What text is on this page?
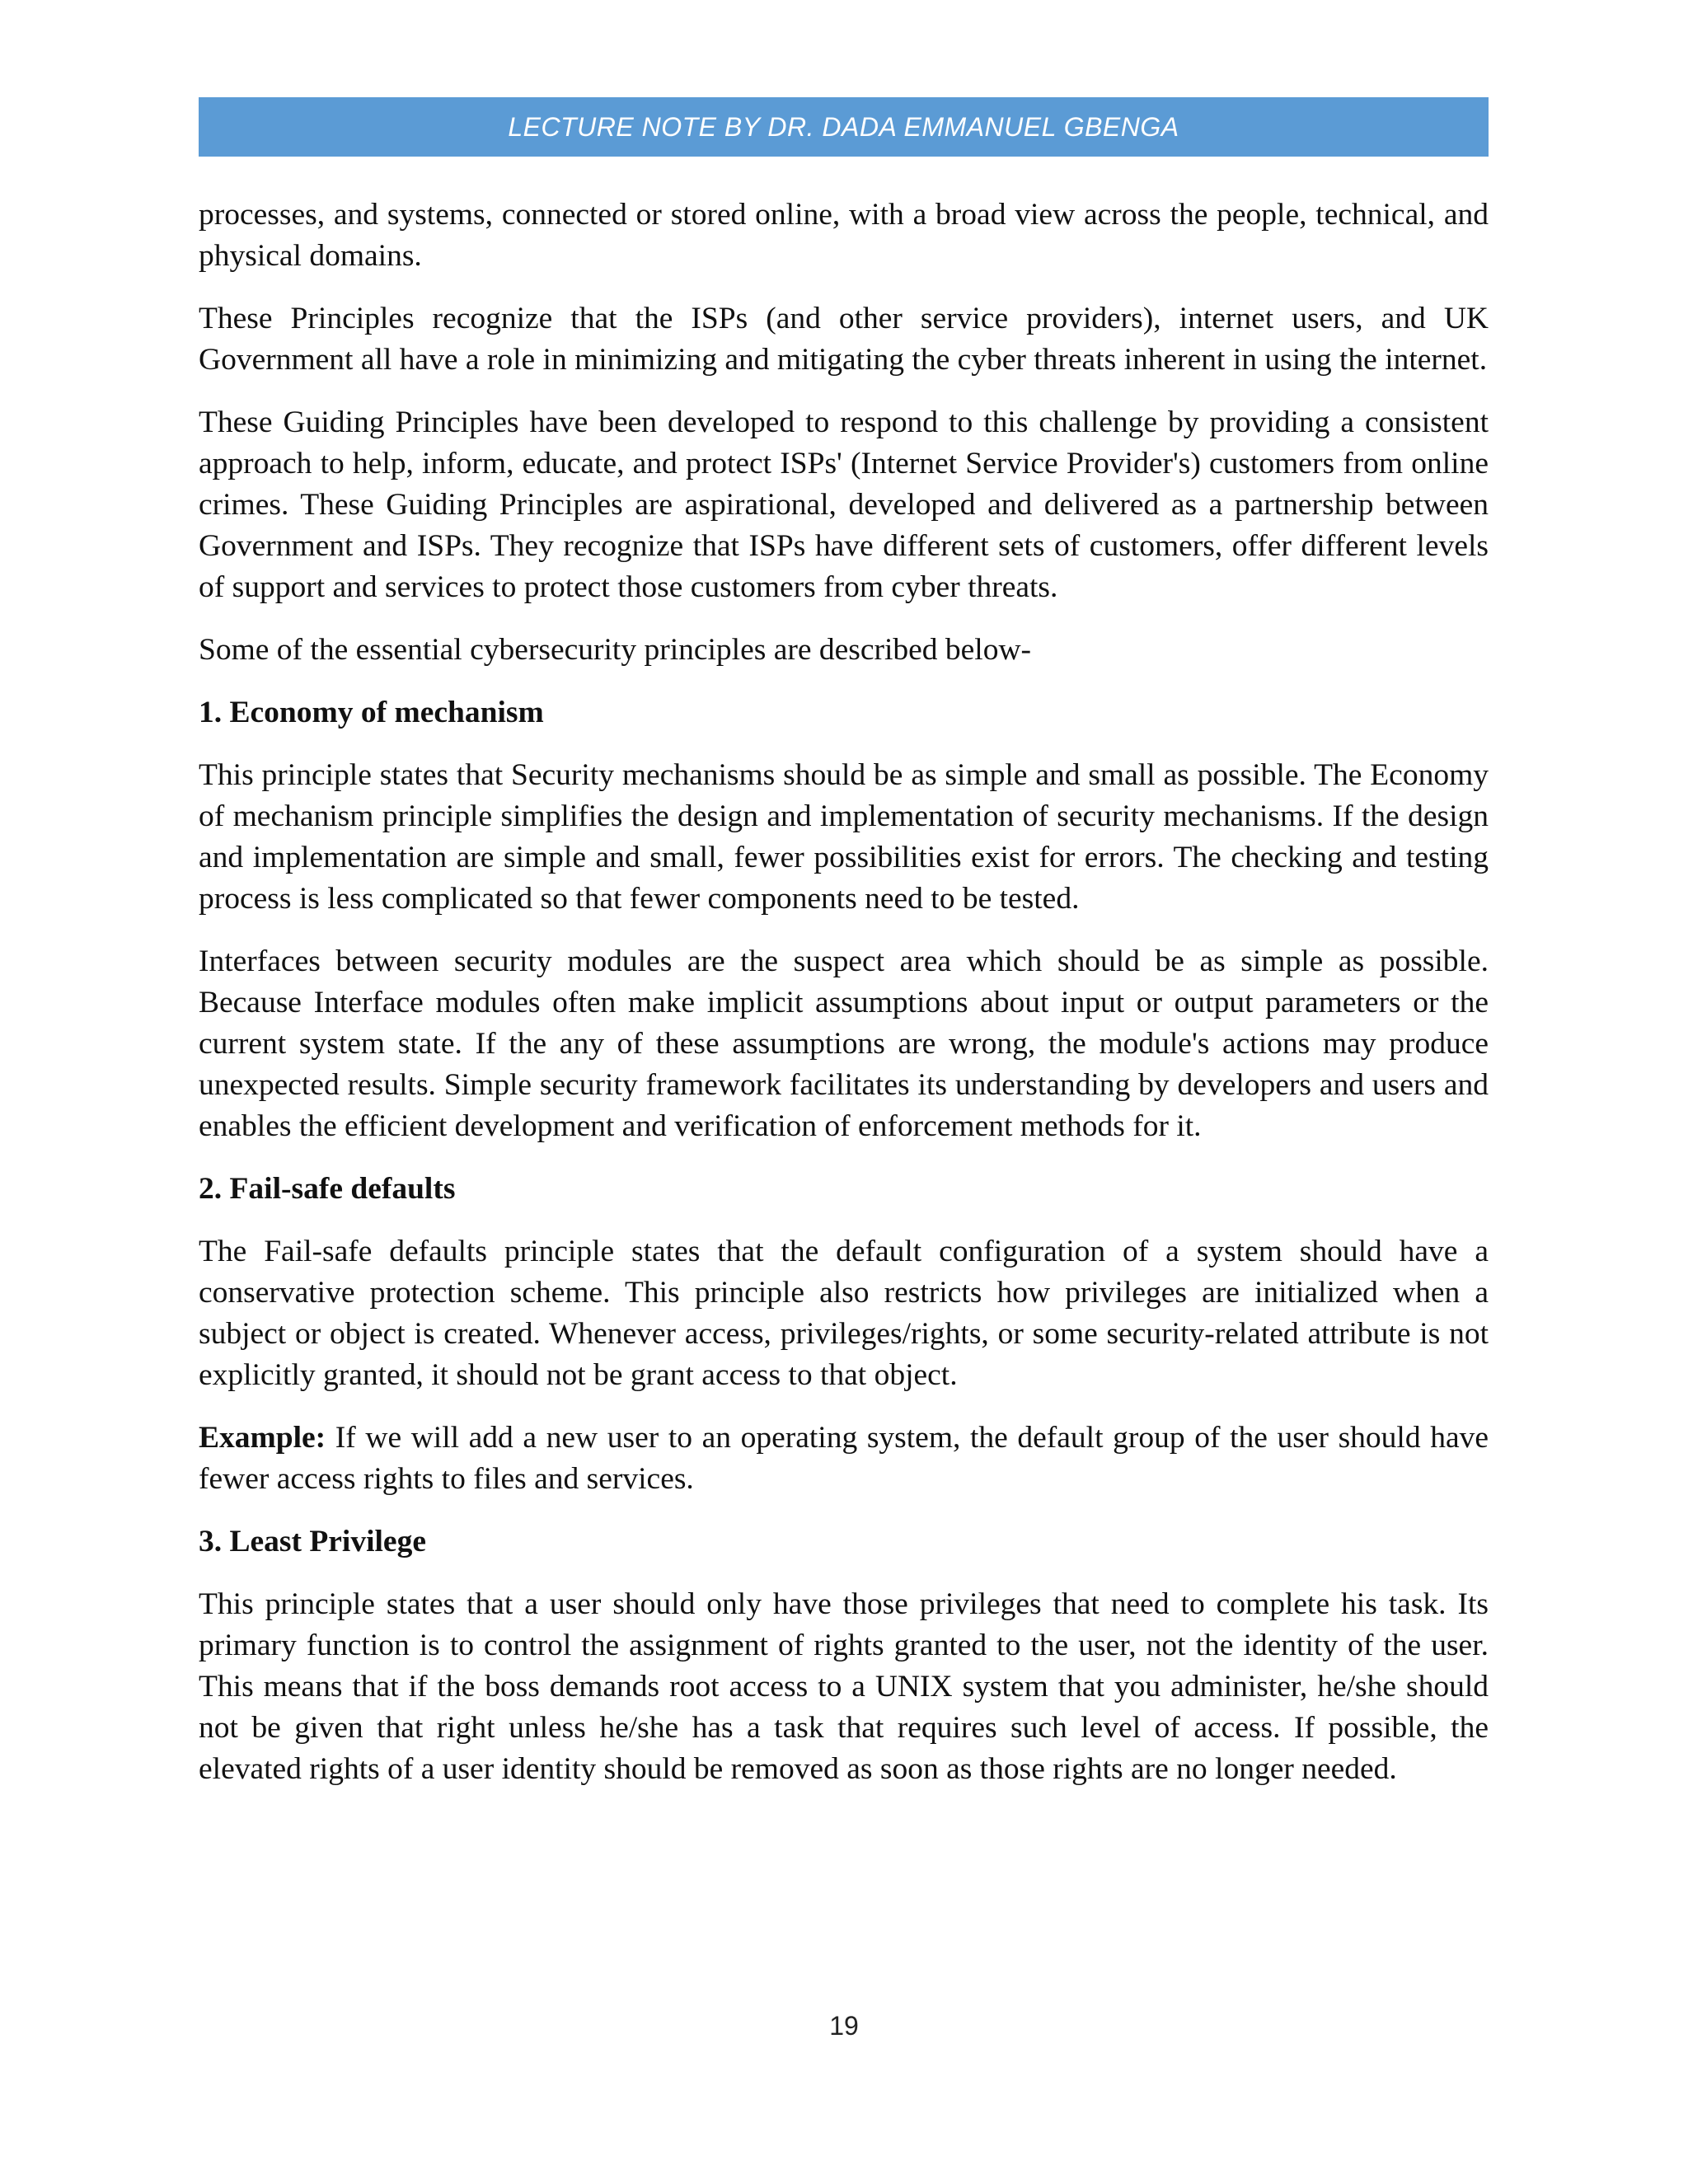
LECTURE NOTE BY DR. DADA EMMANUEL GBENGA

processes, and systems, connected or stored online, with a broad view across the people, technical, and physical domains.

These Principles recognize that the ISPs (and other service providers), internet users, and UK Government all have a role in minimizing and mitigating the cyber threats inherent in using the internet.

These Guiding Principles have been developed to respond to this challenge by providing a consistent approach to help, inform, educate, and protect ISPs' (Internet Service Provider's) customers from online crimes. These Guiding Principles are aspirational, developed and delivered as a partnership between Government and ISPs. They recognize that ISPs have different sets of customers, offer different levels of support and services to protect those customers from cyber threats.

Some of the essential cybersecurity principles are described below-

1. Economy of mechanism

This principle states that Security mechanisms should be as simple and small as possible. The Economy of mechanism principle simplifies the design and implementation of security mechanisms. If the design and implementation are simple and small, fewer possibilities exist for errors. The checking and testing process is less complicated so that fewer components need to be tested.

Interfaces between security modules are the suspect area which should be as simple as possible. Because Interface modules often make implicit assumptions about input or output parameters or the current system state. If the any of these assumptions are wrong, the module's actions may produce unexpected results. Simple security framework facilitates its understanding by developers and users and enables the efficient development and verification of enforcement methods for it.

2. Fail-safe defaults

The Fail-safe defaults principle states that the default configuration of a system should have a conservative protection scheme. This principle also restricts how privileges are initialized when a subject or object is created. Whenever access, privileges/rights, or some security-related attribute is not explicitly granted, it should not be grant access to that object.

Example: If we will add a new user to an operating system, the default group of the user should have fewer access rights to files and services.

3. Least Privilege

This principle states that a user should only have those privileges that need to complete his task. Its primary function is to control the assignment of rights granted to the user, not the identity of the user. This means that if the boss demands root access to a UNIX system that you administer, he/she should not be given that right unless he/she has a task that requires such level of access. If possible, the elevated rights of a user identity should be removed as soon as those rights are no longer needed.

19
